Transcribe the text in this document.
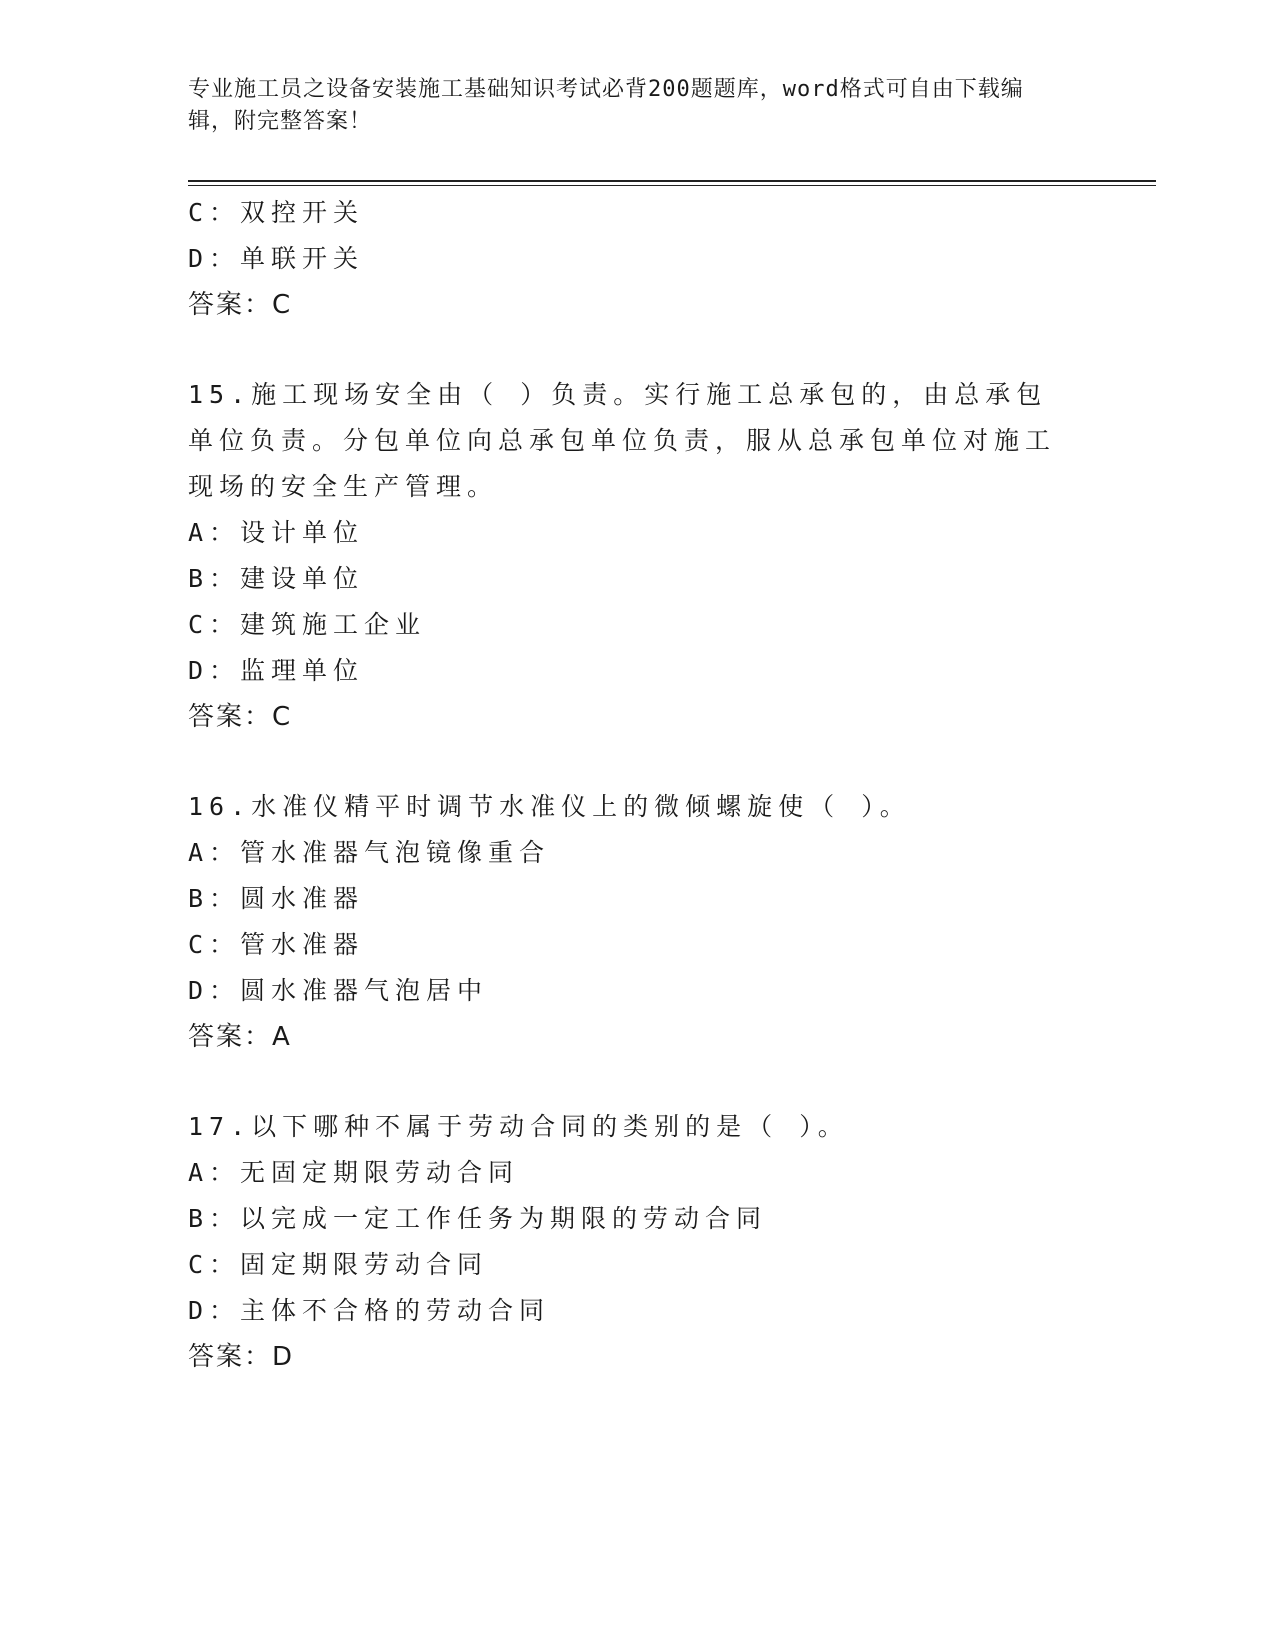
专业施工员之设备安装施工基础知识考试必背200题题库，word格式可自由下载编辑，附完整答案！
C：双控开关
D：单联开关
答案：C
15.施工现场安全由（ ）负责。实行施工总承包的，由总承包单位负责。分包单位向总承包单位负责，服从总承包单位对施工现场的安全生产管理。
A：设计单位
B：建设单位
C：建筑施工企业
D：监理单位
答案：C
16.水准仪精平时调节水准仪上的微倾螺旋使（ ）。
A：管水准器气泡镜像重合
B：圆水准器
C：管水准器
D：圆水准器气泡居中
答案：A
17.以下哪种不属于劳动合同的类别的是（ ）。
A：无固定期限劳动合同
B：以完成一定工作任务为期限的劳动合同
C：固定期限劳动合同
D：主体不合格的劳动合同
答案：D
